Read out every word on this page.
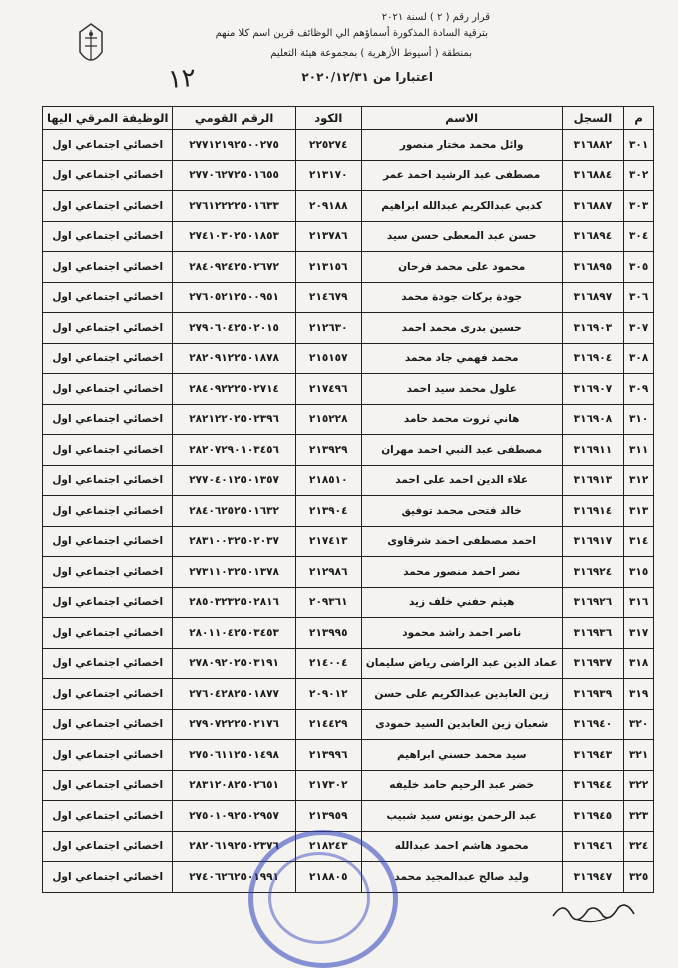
قرار رقم ( ٢ ) لسنة ٢٠٢١
بترقية السادة المذكورة أسماؤهم الي الوظائف قرين اسم كلا منهم
بمنطقة ( أسيوط الأزهرية ) بمجموعة هيئة التعليم
اعتبارا من ٢٠٢٠/١٢/٣١
١٢
م	السجل	الاسم	الكود	الرقم القومي	الوظيفة المرقي اليها
٣٠١	٣١٦٨٨٢	وائل محمد مختار منصور	٢٢٥٢٧٤	٢٧٧١٢١٩٢٥٠٠٢٧٥	اخصائي اجتماعي اول
٣٠٢	٣١٦٨٨٤	مصطفى عبد الرشيد احمد عمر	٢١٣١٧٠	٢٧٧٠٦٢٧٢٥٠١٦٥٥	اخصائي اجتماعي اول
٣٠٣	٣١٦٨٨٧	كدبي عبدالكريم عبدالله ابراهيم	٢٠٩١٨٨	٢٧٦١٢٢٢٢٥٠١٦٣٣	اخصائي اجتماعي اول
٣٠٤	٣١٦٨٩٤	حسن عبد المعطى حسن سيد	٢١٣٧٨٦	٢٧٤١٠٣٠٢٥٠١٨٥٣	اخصائي اجتماعي اول
٣٠٥	٣١٦٨٩٥	محمود على محمد فرحان	٢١٣١٥٦	٢٨٤٠٩٢٤٢٥٠٢٦٧٢	اخصائي اجتماعي اول
٣٠٦	٣١٦٨٩٧	جودة بركات جودة محمد	٢١٤٦٧٩	٢٧٦٠٥٢١٢٥٠٠٩٥١	اخصائي اجتماعي اول
٣٠٧	٣١٦٩٠٣	حسين بدرى محمد احمد	٢١٢٦٣٠	٢٧٩٠٦٠٤٢٥٠٢٠١٥	اخصائي اجتماعي اول
٣٠٨	٣١٦٩٠٤	محمد فهمي جاد محمد	٢١٥١٥٧	٢٨٢٠٩١٢٢٥٠١٨٧٨	اخصائي اجتماعي اول
٣٠٩	٣١٦٩٠٧	علول محمد سيد احمد	٢١٧٤٩٦	٢٨٤٠٩٢٢٢٥٠٢٧١٤	اخصائي اجتماعي اول
٣١٠	٣١٦٩٠٨	هاني ثروت محمد حامد	٢١٥٢٢٨	٢٨٢١٢٢٠٢٥٠٢٣٩٦	اخصائي اجتماعي اول
٣١١	٣١٦٩١١	مصطفى عبد النبي احمد مهران	٢١٣٩٢٩	٢٨٢٠٧٢٩٠١٠٣٤٥٦	اخصائي اجتماعي اول
٣١٢	٣١٦٩١٣	علاء الدين احمد على احمد	٢١٨٥١٠	٢٧٧٠٤٠١٢٥٠١٣٥٧	اخصائي اجتماعي اول
٣١٣	٣١٦٩١٤	خالد فتحى محمد توفيق	٢١٣٩٠٤	٢٨٤٠٦٢٥٢٥٠١٦٣٢	اخصائي اجتماعي اول
٣١٤	٣١٦٩١٧	احمد مصطفى احمد شرقاوى	٢١٧٤١٣	٢٨٣١٠٠٣٢٥٠٢٠٣٧	اخصائي اجتماعي اول
٣١٥	٣١٦٩٢٤	نصر احمد منصور محمد	٢١٢٩٨٦	٢٧٣١١٠٣٢٥٠١٣٧٨	اخصائي اجتماعي اول
٣١٦	٣١٦٩٢٦	هيثم حفني خلف زيد	٢٠٩٣٦١	٢٨٥٠٣٢٣٢٥٠٢٨١٦	اخصائي اجتماعي اول
٣١٧	٣١٦٩٣٦	ناصر احمد راشد محمود	٢١٣٩٩٥	٢٨٠١١٠٤٢٥٠٣٤٥٣	اخصائي اجتماعي اول
٣١٨	٣١٦٩٣٧	عماد الدين عبد الراضى رياض سليمان	٢١٤٠٠٤	٢٧٨٠٩٢٠٢٥٠٣١٩١	اخصائي اجتماعي اول
٣١٩	٣١٦٩٣٩	زين العابدين عبدالكريم على حسن	٢٠٩٠١٢	٢٧٦٠٤٢٨٢٥٠١٨٧٧	اخصائي اجتماعي اول
٣٢٠	٣١٦٩٤٠	شعبان زين العابدين السيد حمودى	٢١٤٤٢٩	٢٧٩٠٧٢٢٢٥٠٢١٧٦	اخصائي اجتماعي اول
٣٢١	٣١٦٩٤٣	سيد محمد حسني ابراهيم	٢١٣٩٩٦	٢٧٥٠٦١١٢٥٠١٤٩٨	اخصائي اجتماعي اول
٣٢٢	٣١٦٩٤٤	خضر عبد الرحيم حامد خليفه	٢١٧٣٠٢	٢٨٣١٢٠٨٢٥٠٢٦٥١	اخصائي اجتماعي اول
٣٢٣	٣١٦٩٤٥	عبد الرحمن يونس سيد شبيب	٢١٣٩٥٩	٢٧٥٠١٠٩٢٥٠٢٩٥٧	اخصائي اجتماعي اول
٣٢٤	٣١٦٩٤٦	محمود هاشم احمد عبدالله	٢١٨٢٤٣	٢٨٢٠٦١٩٢٥٠٢٣٧٦	اخصائي اجتماعي اول
٣٢٥	٣١٦٩٤٧	وليد صالح عبدالمجيد محمد	٢١٨٨٠٥	٢٧٤٠٦٢٦٢٥٠١٩٩١	اخصائي اجتماعي اول
